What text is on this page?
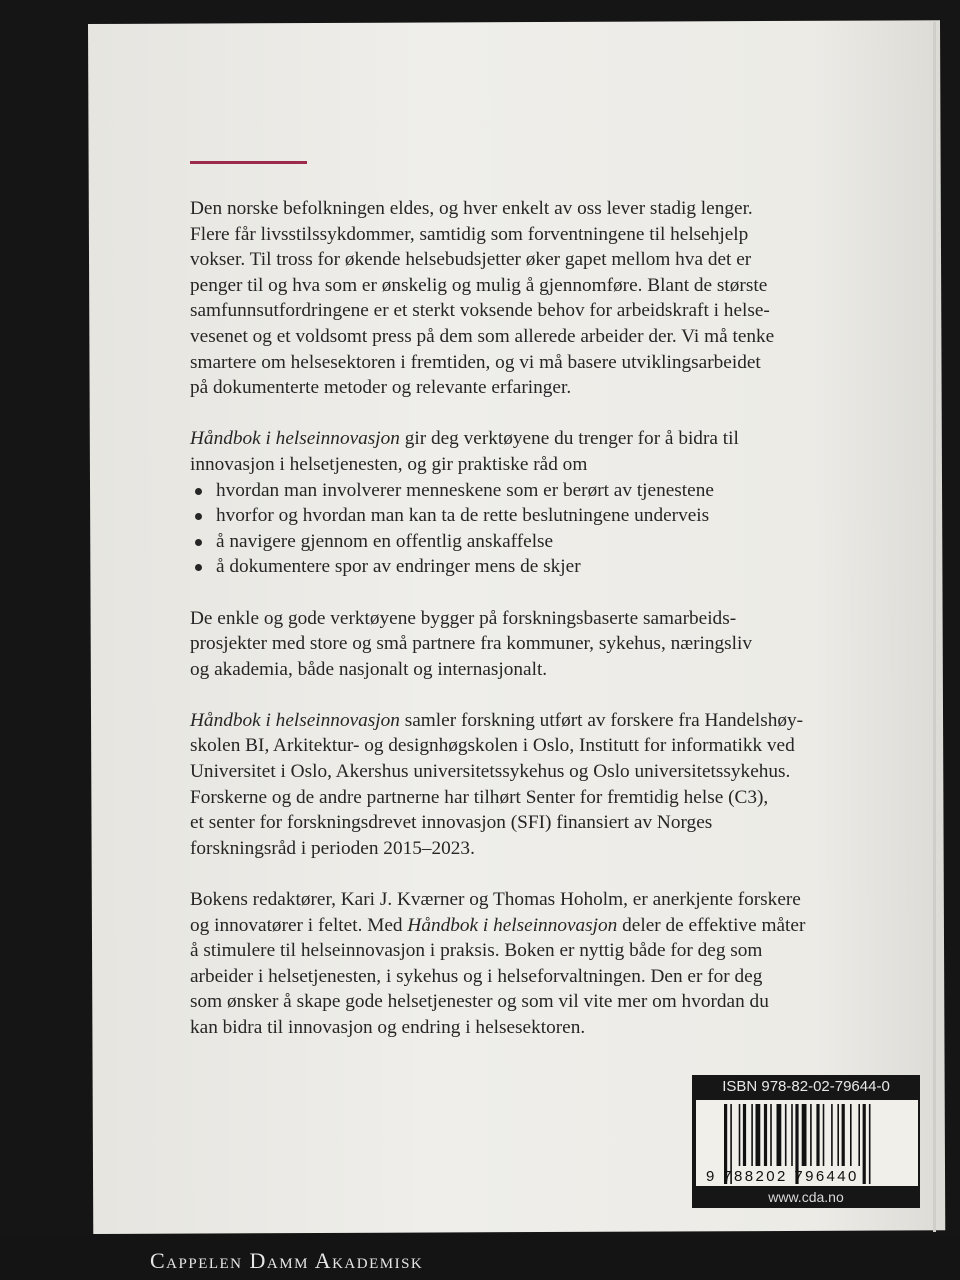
Den norske befolkningen eldes, og hver enkelt av oss lever stadig lenger.
Flere får livsstilssykdommer, samtidig som forventningene til helsehjelp
vokser. Til tross for økende helsebudsjetter øker gapet mellom hva det er
penger til og hva som er ønskelig og mulig å gjennomføre. Blant de største
samfunnsutfordringene er et sterkt voksende behov for arbeidskraft i helse-
vesenet og et voldsomt press på dem som allerede arbeider der. Vi må tenke
smartere om helsesektoren i fremtiden, og vi må basere utviklingsarbeidet
på dokumenterte metoder og relevante erfaringer.
Håndbok i helseinnovasjon gir deg verktøyene du trenger for å bidra til
innovasjon i helsetjenesten, og gir praktiske råd om
hvordan man involverer menneskene som er berørt av tjenestene
hvorfor og hvordan man kan ta de rette beslutningene underveis
å navigere gjennom en offentlig anskaffelse
å dokumentere spor av endringer mens de skjer
De enkle og gode verktøyene bygger på forskningsbaserte samarbeids-
prosjekter med store og små partnere fra kommuner, sykehus, næringsliv
og akademia, både nasjonalt og internasjonalt.
Håndbok i helseinnovasjon samler forskning utført av forskere fra Handelshøy-
skolen BI, Arkitektur- og designhøgskolen i Oslo, Institutt for informatikk ved
Universitet i Oslo, Akershus universitetssykehus og Oslo universitetssykehus.
Forskerne og de andre partnerne har tilhørt Senter for fremtidig helse (C3),
et senter for forskningsdrevet innovasjon (SFI) finansiert av Norges
forskningsråd i perioden 2015–2023.
Bokens redaktører, Kari J. Kværner og Thomas Hoholm, er anerkjente forskere
og innovatører i feltet. Med Håndbok i helseinnovasjon deler de effektive måter
å stimulere til helseinnovasjon i praksis. Boken er nyttig både for deg som
arbeider i helsetjenesten, i sykehus og i helseforvaltningen. Den er for deg
som ønsker å skape gode helsetjenester og som vil vite mer om hvordan du
kan bidra til innovasjon og endring i helsesektoren.
ISBN 978-82-02-79644-0
9 788202 796440
www.cda.no
Cappelen Damm Akademisk
